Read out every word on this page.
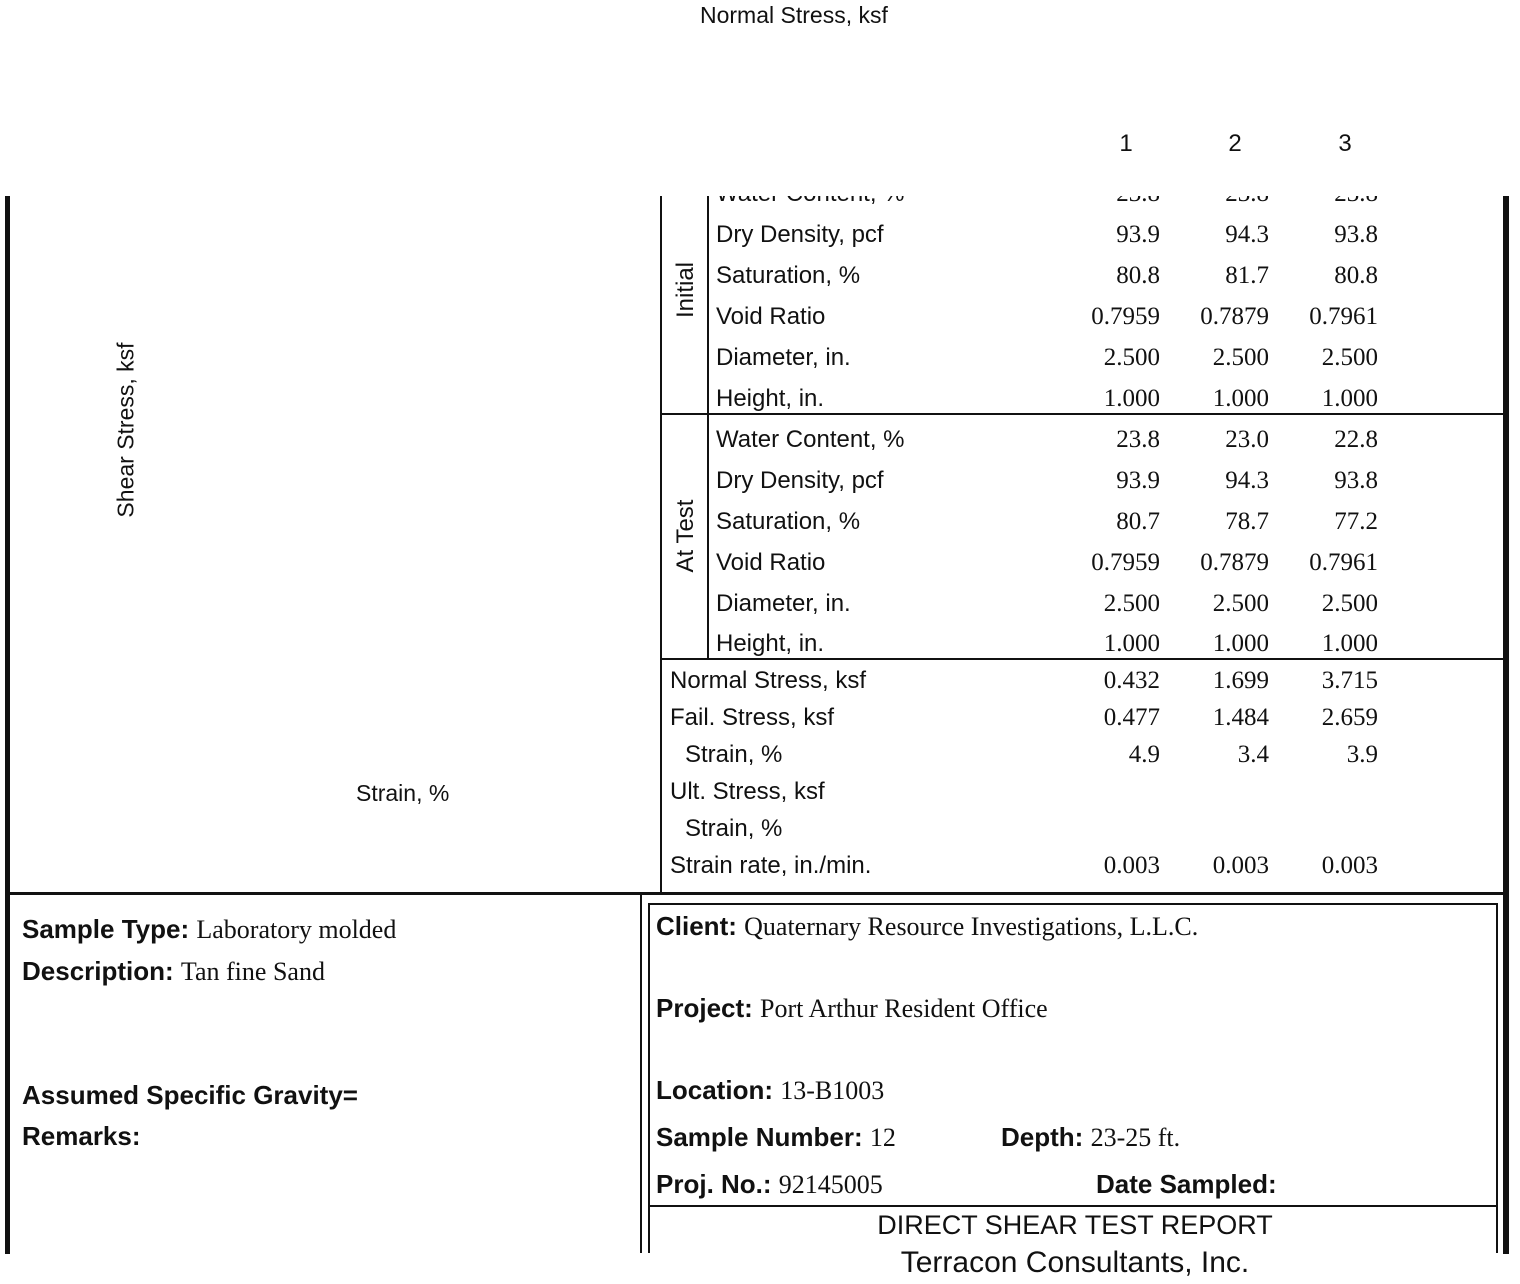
Normal Stress, ksf
Shear Stress, ksf
Strain, %
1	2	3
Initial
At Test
Dry Density, pcf	93.9	94.3	93.8
Saturation, %	80.8	81.7	80.8
Void Ratio	0.7959	0.7879	0.7961
Diameter, in.	2.500	2.500	2.500
Height, in.	1.000	1.000	1.000
Water Content, %	23.8	23.0	22.8
Dry Density, pcf	93.9	94.3	93.8
Saturation, %	80.7	78.7	77.2
Void Ratio	0.7959	0.7879	0.7961
Diameter, in.	2.500	2.500	2.500
Height, in.	1.000	1.000	1.000
Normal Stress, ksf	0.432	1.699	3.715
Fail. Stress, ksf	0.477	1.484	2.659
Strain, %	4.9	3.4	3.9
Ult. Stress, ksf
Strain, %
Strain rate, in./min.	0.003	0.003	0.003
Sample Type: Laboratory molded
Description: Tan fine Sand
Assumed Specific Gravity=
Remarks:
Client: Quaternary Resource Investigations, L.L.C.
Project: Port Arthur Resident Office
Location: 13-B1003
Sample Number: 12	Depth: 23-25 ft.
Proj. No.: 92145005	Date Sampled:
DIRECT SHEAR TEST REPORT
Terracon Consultants, Inc.
